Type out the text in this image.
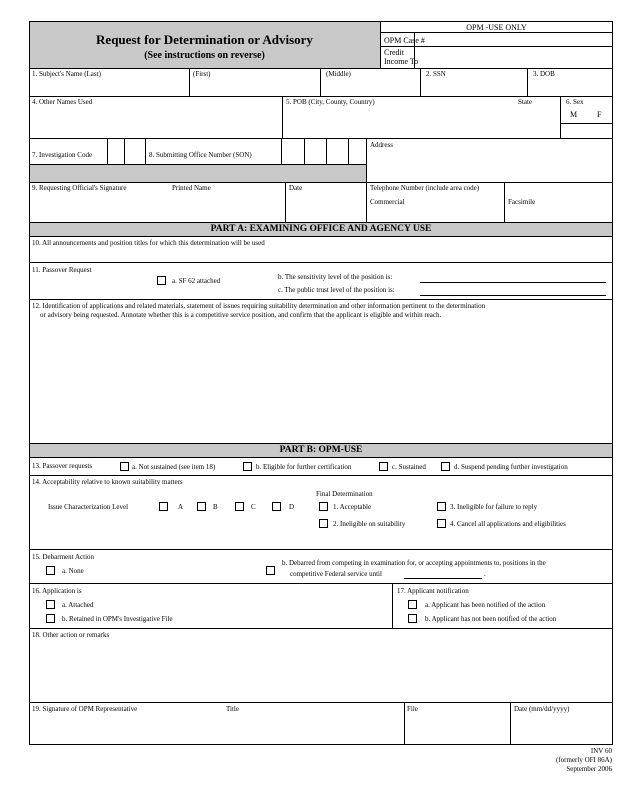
Request for Determination or Advisory
(See instructions on reverse)
OPM -USE ONLY
OPM Case #
Credit
Income To
1. Subject's Name (Last)	(First)	(Middle)	2. SSN	3. DOB
4. Other Names Used	5. POB (City, County, Country)	State	6. Sex
M F
Address
7. Investigation Code	8. Submitting Office Number (SON)
9. Requesting Official's Signature	Printed Name	Date	Telephone Number (include area code)
Commercial	Facsimile
PART A: EXAMINING OFFICE AND AGENCY USE
10. All announcements and position titles for which this determination will be used
11. Passover Request
a. SF 62 attached	b. The sensitivity level of the position is:
c. The public trust level of the position is:
12. Identification of applications and related materials, statement of issues requiring suitability determination and other information pertinent to the determination
or advisory being requested. Annotate whether this is a competitive service position, and confirm that the applicant is eligible and within reach.
PART B: OPM-USE
13. Passover requests	a. Not sustained (see item 18)	b. Eligible for further certification	c. Sustained	d. Suspend pending further investigation
14. Acceptability relative to known suitability matters
Issue Characterization Level	A	B	C	D
Final Determination
1. Acceptable
2. Ineligible on suitability
3. Ineligible for failure to reply
4. Cancel all applications and eligibilities
15. Debarment Action
a. None
b. Debarred from competing in examination for, or accepting appointments to, positions in the
competitive Federal service until	.
16. Application is
a. Attached
b. Retained in OPM's Investigative File
17. Applicant notification
a. Applicant has been notified of the action
b. Applicant has not been notified of the action
18. Other action or remarks
19. Signature of OPM Representative	Title	File	Date (mm/dd/yyyy)
INV 60
(formerly OFI 86A)
September 2006
